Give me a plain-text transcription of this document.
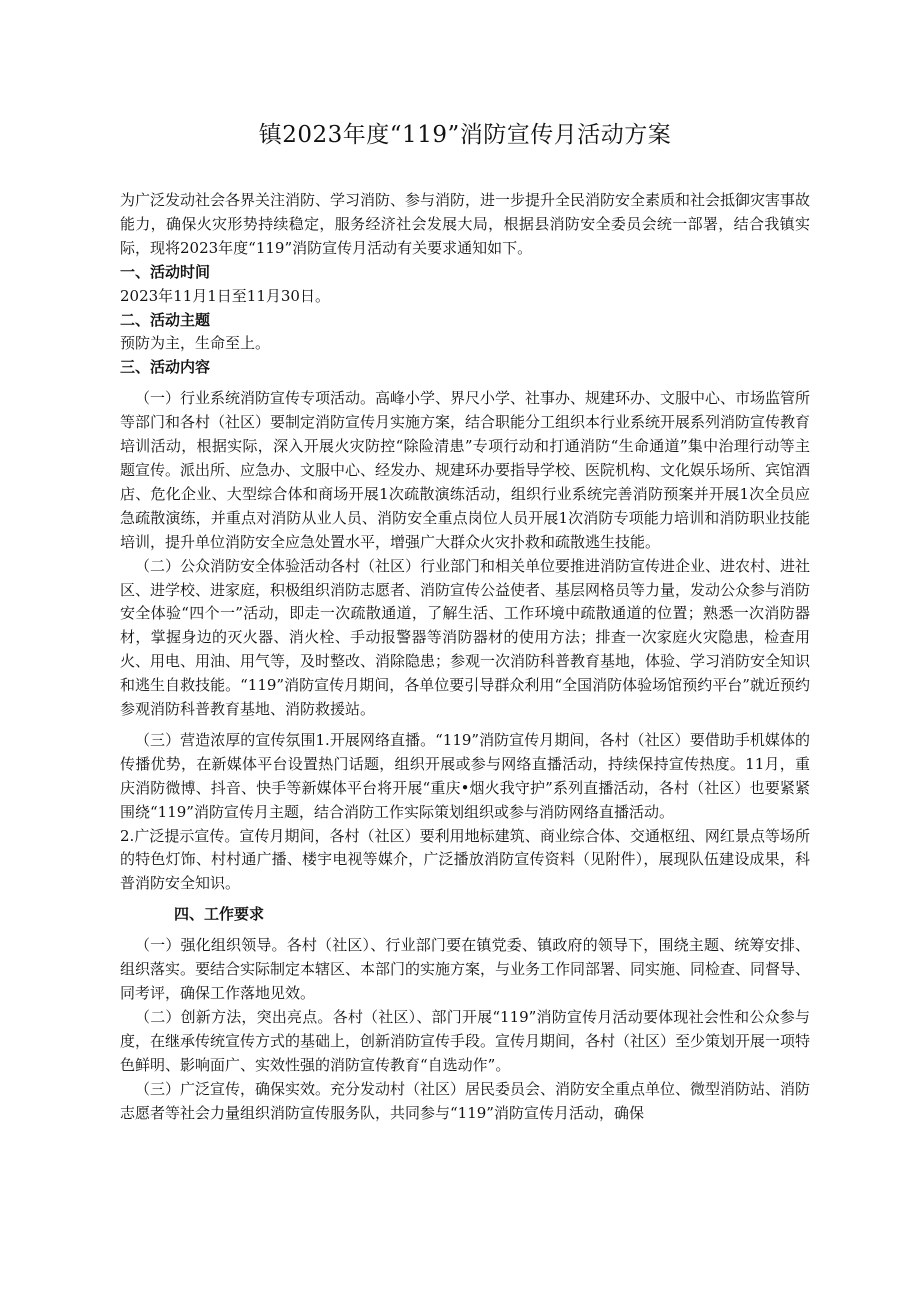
镇2023年度“119”消防宣传月活动方案

为广泛发动社会各界关注消防、学习消防、参与消防，进一步提升全民消防安全素质和社会抵御灾害事故能力，确保火灾形势持续稳定，服务经济社会发展大局，根据县消防安全委员会统一部署，结合我镇实际，现将2023年度“119”消防宣传月活动有关要求通知如下。

一、活动时间

2023年11月1日至11月30日。

二、活动主题

预防为主，生命至上。

三、活动内容

（一）行业系统消防宣传专项活动。高峰小学、界尺小学、社事办、规建环办、文服中心、市场监管所等部门和各村（社区）要制定消防宣传月实施方案，结合职能分工组织本行业系统开展系列消防宣传教育培训活动，根据实际，深入开展火灾防控“除险清患”专项行动和打通消防“生命通道”集中治理行动等主题宣传。派出所、应急办、文服中心、经发办、规建环办要指导学校、医院机构、文化娱乐场所、宾馆酒店、危化企业、大型综合体和商场开展1次疏散演练活动，组织行业系统完善消防预案并开展1次全员应急疏散演练，并重点对消防从业人员、消防安全重点岗位人员开展1次消防专项能力培训和消防职业技能培训，提升单位消防安全应急处置水平，增强广大群众火灾扑救和疏散逃生技能。

（二）公众消防安全体验活动各村（社区）行业部门和相关单位要推进消防宣传进企业、进农村、进社区、进学校、进家庭，积极组织消防志愿者、消防宣传公益使者、基层网格员等力量，发动公众参与消防安全体验“四个一”活动，即走一次疏散通道，了解生活、工作环境中疏散通道的位置；熟悉一次消防器材，掌握身边的灭火器、消火栓、手动报警器等消防器材的使用方法；排查一次家庭火灾隐患，检查用火、用电、用油、用气等，及时整改、消除隐患；参观一次消防科普教育基地，体验、学习消防安全知识和逃生自救技能。“119”消防宣传月期间，各单位要引导群众利用“全国消防体验场馆预约平台”就近预约参观消防科普教育基地、消防救援站。

（三）营造浓厚的宣传氛围1.开展网络直播。“119”消防宣传月期间，各村（社区）要借助手机媒体的传播优势，在新媒体平台设置热门话题，组织开展或参与网络直播活动，持续保持宣传热度。11月，重庆消防微博、抖音、快手等新媒体平台将开展“重庆•烟火我守护”系列直播活动，各村（社区）也要紧紧围绕“119”消防宣传月主题，结合消防工作实际策划组织或参与消防网络直播活动。

2.广泛提示宣传。宣传月期间，各村（社区）要利用地标建筑、商业综合体、交通枢纽、网红景点等场所的特色灯饰、村村通广播、楼宇电视等媒介，广泛播放消防宣传资料（见附件），展现队伍建设成果，科普消防安全知识。

四、工作要求

（一）强化组织领导。各村（社区）、行业部门要在镇党委、镇政府的领导下，围绕主题、统筹安排、组织落实。要结合实际制定本辖区、本部门的实施方案，与业务工作同部署、同实施、同检查、同督导、同考评，确保工作落地见效。

（二）创新方法，突出亮点。各村（社区）、部门开展“119”消防宣传月活动要体现社会性和公众参与度，在继承传统宣传方式的基础上，创新消防宣传手段。宣传月期间，各村（社区）至少策划开展一项特色鲜明、影响面广、实效性强的消防宣传教育“自选动作”。

（三）广泛宣传，确保实效。充分发动村（社区）居民委员会、消防安全重点单位、微型消防站、消防志愿者等社会力量组织消防宣传服务队，共同参与“119”消防宣传月活动，确保
